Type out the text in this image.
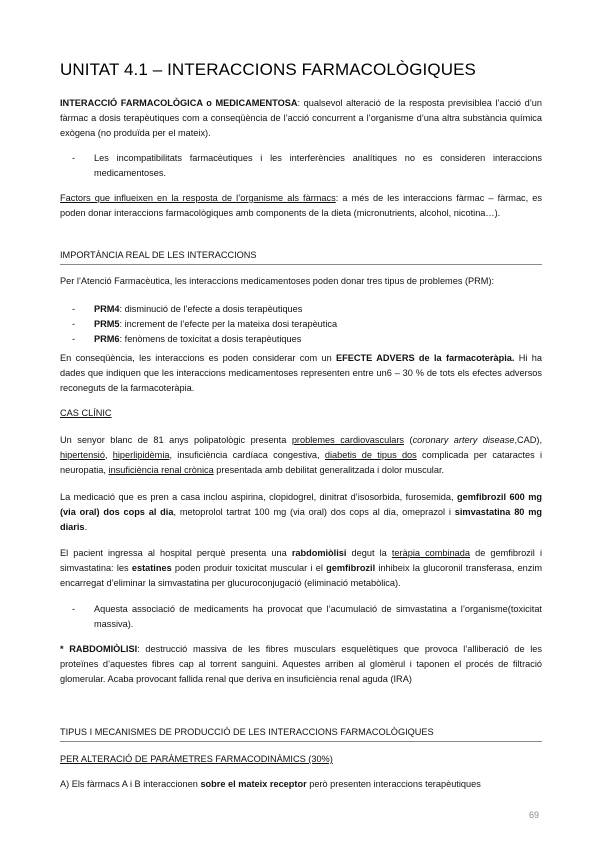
UNITAT 4.1 – INTERACCIONS FARMACOLÒGIQUES

INTERACCIÓ FARMACOLÒGICA o MEDICAMENTOSA: qualsevol alteració de la resposta previsiblea l’acció d’un fàrmac a dosis terapèutiques com a conseqüència de l’acció concurrent a l’organisme d’una altra substància química exògena (no produïda per el mateix).

- Les incompatibilitats farmacèutiques i les interferències analítiques no es consideren interaccions medicamentoses.

Factors que influeixen en la resposta de l’organisme als fàrmacs: a més de les interaccions fàrmac – fàrmac, es poden donar interaccions farmacològiques amb components de la dieta (micronutrients, alcohol, nicotina…).

IMPORTÀNCIA REAL DE LES INTERACCIONS

Per l’Atenció Farmacèutica, les interaccions medicamentoses poden donar tres tipus de problemes (PRM):

- PRM4: disminució de l’efecte a dosis terapèutiques
- PRM5: increment de l’efecte per la mateixa dosi terapèutica
- PRM6: fenòmens de toxicitat a dosis terapèutiques

En conseqüència, les interaccions es poden considerar com un EFECTE ADVERS de la farmacoteràpia. Hi ha dades que indiquen que les interaccions medicamentoses representen entre un6 – 30 % de tots els efectes adversos reconeguts de la farmacoteràpia.

CAS CLÍNIC

Un senyor blanc de 81 anys polipatològic presenta problemes cardiovasculars (coronary artery disease,CAD), hipertensió, hiperlipidèmia, insuficiència cardíaca congestiva, diabetis de tipus dos complicada per cataractes i neuropatia, insuficiència renal crònica presentada amb debilitat generalitzada i dolor muscular.

La medicació que es pren a casa inclou aspirina, clopidogrel, dinitrat d’isosorbida, furosemida, gemfibrozil 600 mg (via oral) dos cops al dia, metoprolol tartrat 100 mg (via oral) dos cops al dia, omeprazol i simvastatina 80 mg diaris.

El pacient ingressa al hospital perquè presenta una rabdomiòlisi degut la teràpia combinada de gemfibrozil i simvastatina: les estatines poden produir toxicitat muscular i el gemfibrozil inhibeix la glucoronil transferasa, enzim encarregat d’eliminar la simvastatina per glucuroconjugació (eliminació metabòlica).

- Aquesta associació de medicaments ha provocat que l’acumulació de simvastatina a l’organisme(toxicitat massiva).

* RABDOMIÒLISI: destrucció massiva de les fibres musculars esquelètiques que provoca l’alliberació de les proteïnes d’aquestes fibres cap al torrent sanguini. Aquestes arriben al glomèrul i taponen el procés de filtració glomerular. Acaba provocant fallida renal que deriva en insuficiència renal aguda (IRA)

TIPUS I MECANISMES DE PRODUCCIÓ DE LES INTERACCIONS FARMACOLÒGIQUES
PER ALTERACIÓ DE PARÀMETRES FARMACODINÀMICS (30%)

A) Els fàrmacs A i B interaccionen sobre el mateix receptor però presenten interaccions terapèutiques

69
